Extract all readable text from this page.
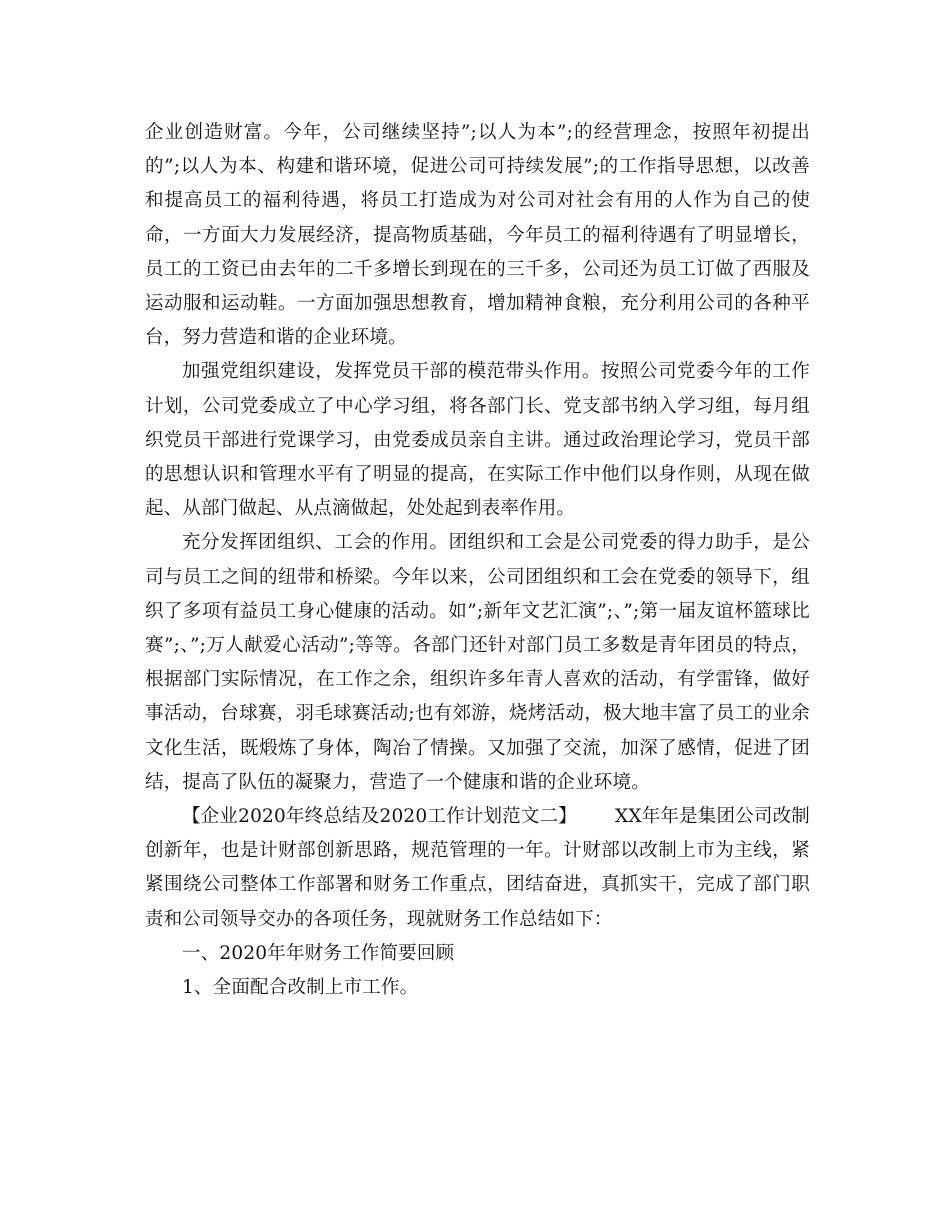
企业创造财富。今年，公司继续坚持”;以人为本”;的经营理念，按照年初提出的”;以人为本、构建和谐环境，促进公司可持续发展”;的工作指导思想，以改善和提高员工的福利待遇，将员工打造成为对公司对社会有用的人作为自己的使命，一方面大力发展经济，提高物质基础，今年员工的福利待遇有了明显增长，员工的工资已由去年的二千多增长到现在的三千多，公司还为员工订做了西服及运动服和运动鞋。一方面加强思想教育，增加精神食粮，充分利用公司的各种平台，努力营造和谐的企业环境。

加强党组织建设，发挥党员干部的模范带头作用。按照公司党委今年的工作计划，公司党委成立了中心学习组，将各部门长、党支部书纳入学习组，每月组织党员干部进行党课学习，由党委成员亲自主讲。通过政治理论学习，党员干部的思想认识和管理水平有了明显的提高，在实际工作中他们以身作则，从现在做起、从部门做起、从点滴做起，处处起到表率作用。

充分发挥团组织、工会的作用。团组织和工会是公司党委的得力助手，是公司与员工之间的纽带和桥梁。今年以来，公司团组织和工会在党委的领导下，组织了多项有益员工身心健康的活动。如”;新年文艺汇演”;、”;第一届友谊杯篮球比赛”;、”;万人献爱心活动”;等等。各部门还针对部门员工多数是青年团员的特点，根据部门实际情况，在工作之余，组织许多年青人喜欢的活动，有学雷锋，做好事活动，台球赛，羽毛球赛活动;也有郊游，烧烤活动，极大地丰富了员工的业余文化生活，既煅炼了身体，陶冶了情操。又加强了交流，加深了感情，促进了团结，提高了队伍的凝聚力，营造了一个健康和谐的企业环境。

【企业2020年终总结及2020工作计划范文二】 XX年年是集团公司改制创新年，也是计财部创新思路，规范管理的一年。计财部以改制上市为主线，紧紧围绕公司整体工作部署和财务工作重点，团结奋进，真抓实干，完成了部门职责和公司领导交办的各项任务，现就财务工作总结如下：

一、2020年年财务工作简要回顾

1、全面配合改制上市工作。
